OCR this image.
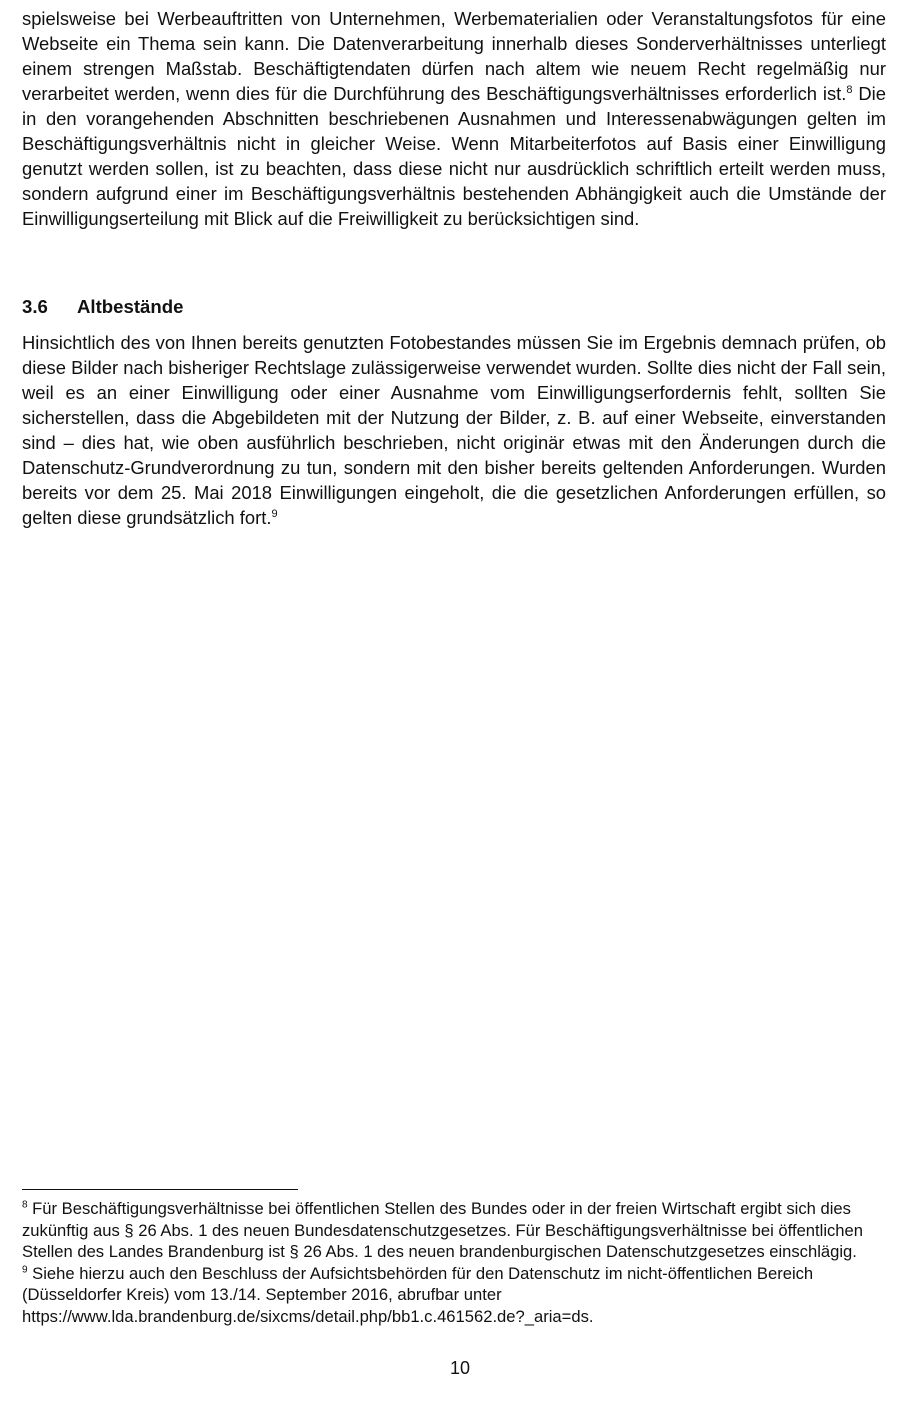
spielsweise bei Werbeauftritten von Unternehmen, Werbematerialien oder Veranstaltungsfotos für eine Webseite ein Thema sein kann. Die Datenverarbeitung innerhalb dieses Sonderverhältnisses unterliegt einem strengen Maßstab. Beschäftigtendaten dürfen nach altem wie neuem Recht regelmäßig nur verarbeitet werden, wenn dies für die Durchführung des Beschäftigungsverhältnisses erforderlich ist.$^8$ Die in den vorangehenden Abschnitten beschriebenen Ausnahmen und Interessenabwägungen gelten im Beschäftigungsverhältnis nicht in gleicher Weise. Wenn Mitarbeiterfotos auf Basis einer Einwilligung genutzt werden sollen, ist zu beachten, dass diese nicht nur ausdrücklich schriftlich erteilt werden muss, sondern aufgrund einer im Beschäftigungsverhältnis bestehenden Abhängigkeit auch die Umstände der Einwilligungserteilung mit Blick auf die Freiwilligkeit zu berücksichtigen sind.

3.6 Altbestände

Hinsichtlich des von Ihnen bereits genutzten Fotobestandes müssen Sie im Ergebnis demnach prüfen, ob diese Bilder nach bisheriger Rechtslage zulässigerweise verwendet wurden. Sollte dies nicht der Fall sein, weil es an einer Einwilligung oder einer Ausnahme vom Einwilligungserfordernis fehlt, sollten Sie sicherstellen, dass die Abgebildeten mit der Nutzung der Bilder, z. B. auf einer Webseite, einverstanden sind – dies hat, wie oben ausführlich beschrieben, nicht originär etwas mit den Änderungen durch die Datenschutz-Grundverordnung zu tun, sondern mit den bisher bereits geltenden Anforderungen. Wurden bereits vor dem 25. Mai 2018 Einwilligungen eingeholt, die die gesetzlichen Anforderungen erfüllen, so gelten diese grundsätzlich fort.$^9$

$^8$ Für Beschäftigungsverhältnisse bei öffentlichen Stellen des Bundes oder in der freien Wirtschaft ergibt sich dies zukünftig aus § 26 Abs. 1 des neuen Bundesdatenschutzgesetzes. Für Beschäftigungsverhältnisse bei öffentlichen Stellen des Landes Brandenburg ist § 26 Abs. 1 des neuen brandenburgischen Datenschutzgesetzes einschlägig.

$^9$ Siehe hierzu auch den Beschluss der Aufsichtsbehörden für den Datenschutz im nicht-öffentlichen Bereich (Düsseldorfer Kreis) vom 13./14. September 2016, abrufbar unter
https://www.lda.brandenburg.de/sixcms/detail.php/bb1.c.461562.de?_aria=ds.

10
